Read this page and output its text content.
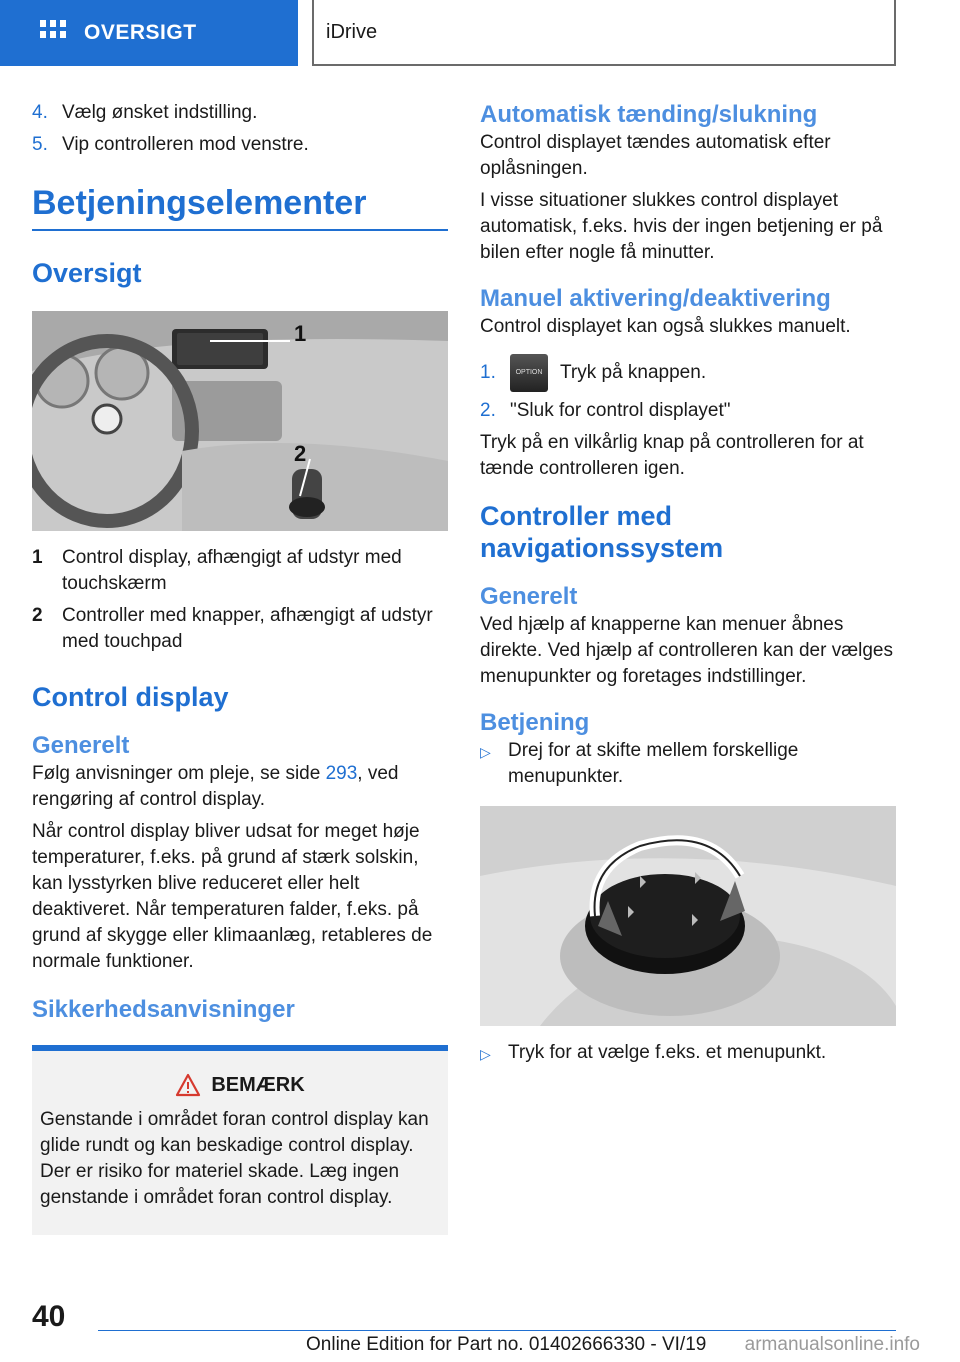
OVERSIGT	iDrive
4. Vælg ønsket indstilling.
5. Vip controlleren mod venstre.
Betjeningselementer
Oversigt
1
2
1	Control display, afhængigt af udstyr med touchskærm
2	Controller med knapper, afhængigt af udstyr med touchpad
Control display
Generelt

Følg anvisninger om pleje, se side 293, ved rengøring af control display.

Når control display bliver udsat for meget høje temperaturer, f.eks. på grund af stærk solskin, kan lysstyrken blive reduceret eller helt deaktiveret. Når temperaturen falder, f.eks. på grund af skygge eller klimaanlæg, retableres de normale funktioner.

Sikkerhedsanvisninger
BEMÆRK

Genstande i området foran control display kan glide rundt og kan beskadige control display. Der er risiko for materiel skade. Læg ingen genstande i området foran control display.

Automatisk tænding/slukning

Control displayet tændes automatisk efter oplåsningen.

I visse situationer slukkes control displayet automatisk, f.eks. hvis der ingen betjening er på bilen efter nogle få minutter.

Manuel aktivering/deaktivering

Control displayet kan også slukkes manuelt.

1.	OPTION Tryk på knappen.
2. "Sluk for control displayet"

Tryk på en vilkårlig knap på controlleren for at tænde controlleren igen.

Controller med navigationssystem
Generelt

Ved hjælp af knapperne kan menuer åbnes direkte. Ved hjælp af controlleren kan der vælges menupunkter og foretages indstillinger.

Betjening
▷ Drej for at skifte mellem forskellige menupunkter.
▷ Tryk for at vælge f.eks. et menupunkt.
40
Online Edition for Part no. 01402666330 - VI/19 armanualsonline.info
